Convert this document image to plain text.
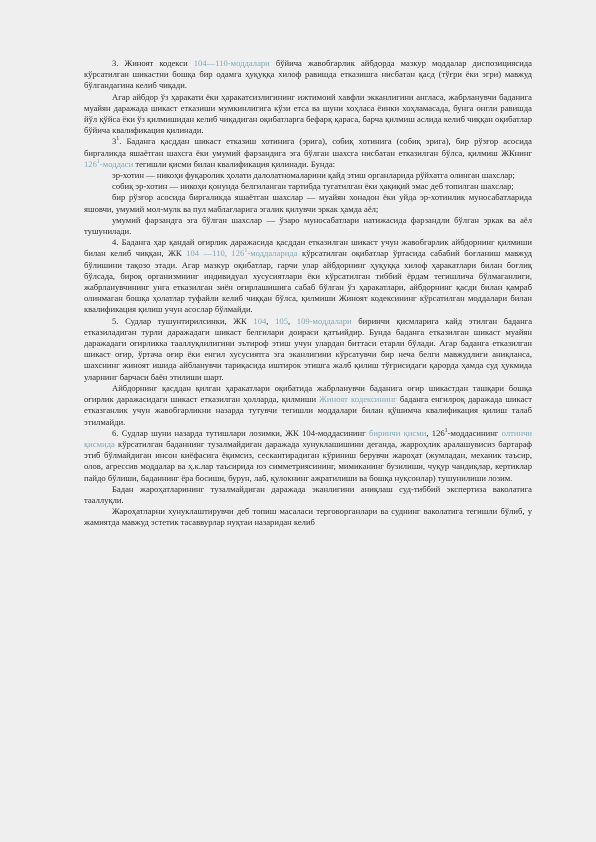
3. Жиноят кодекси 104—110-моддалари бўйича жавобгарлик айбдорда мазкур моддалар диспозициясида кўрсатилган шикастни бошқа бир одамга ҳуқуққа хилоф равишда етказишга нисбатан қасд (тўғри ёки эгри) мавжуд бўлгандагина келиб чиқади.

Агар айбдор ўз ҳаракати ёки ҳаракатсизлигининг ижтимоий хавфли экканлигини англаса, жабрланувчи баданига муайян даражада шикаст етказиши мумкинлигига кўзи етса ва шуни хоҳласа ёинки хоҳламасада, бунга онгли равишда йўл қўйса ёки ўз қилмишидан келиб чиқадиган оқибатларга бефарқ қараса, барча қилмиш аслида келиб чиққан оқибатлар бўйича квалификация қилинади.

$3^1$. Баданга қасддан шикаст етказиш хотинига (эрига), собиқ хотинига (собиқ эрига), бир рўзғор асосида биргаликда яшаётган шахсга ёки умумий фарзандига эга бўлган шахсга нисбатан етказилган бўлса, қилмиш ЖКнинг $126^1$-моддаси тегишли қисми билан квалификация қилинади. Бунда:

эр-хотин — никоҳи фуқаролик ҳолати далолатномаларини қайд этиш органларида рўйхатга олинган шахслар;

собиқ эр-хотин — никоҳи қонунда белгиланган тартибда тугатилган ёки ҳақиқий эмас деб топилган шахслар;

бир рўзғор асосида биргаликда яшаётган шахслар — муайян хонадон ёки уйда эр-хотинлик муносабатларида яшовчи, умумий мол-мулк ва пул маблағларига эгалик қилувчи эркак ҳамда аёл;

умумий фарзандга эга бўлган шахслар — ўзаро муносабатлари натижасида фарзандли бўлган эркак ва аёл тушунилади.

4. Баданга ҳар қандай оғирлик даражасида қасддан етказилган шикаст учун жавобгарлик айбдорнинг қилмиши билан келиб чиққан, ЖК 104 —110, $126^1$-моддаларида кўрсатилган оқибатлар ўртасида сабабий боғланиш мавжуд бўлишини тақозо этади. Агар мазкур оқибатлар, гарчи улар айбдорнинг ҳуқуққа хилоф ҳаракатлари билан боғлиқ бўлсада, бироқ организмнинг индивидуал хусусиятлари ёки кўрсатилган тиббий ёрдам тегишлича бўлмаганлиги, жабрланувчининг унга етказилган зиён оғирлашишига сабаб бўлган ўз ҳаракатлари, айбдорнинг қасди билан қамраб олинмаган бошқа ҳолатлар туфайли келиб чиққан бўлса, қилмиши Жиноят кодексининг кўрсатилган моддалари билан квалификация қилиш учун асослар бўлмайди.

5. Судлар тушунтирилсинки, ЖК 104, 105, 109-моддалари биринчи қисмларига кайд этилган баданга етказиладиган турли даражадаги шикаст белгилари доираси қатъийдир. Бунда баданга етказилган шикаст муайян даражадаги оғирликка тааллуқлилигини эътироф этиш учун улардан биттаси етарли бўлади. Агар баданга етказилган шикаст оғир, ўртача оғир ёки енгил хусусиятга эга эканлигини кўрсатувчи бир неча белги мавжудлиги аниқланса, шахснинг жиноят ишида айбланувчи тариқасида иштирок этишга жалб қилиш тўғрисидаги қарорда ҳамда суд ҳукмида уларнинг барчаси баён этилиши шарт.

Айбдорнинг қасддан қилган ҳаракатлари оқибатида жабрланувчи баданига оғир шикастдан ташқари бошқа оғирлик даражасидаги шикаст етказилган ҳолларда, қилмиши Жиноят кодексининг баданга енгилроқ даражада шикаст етказганлик учун жавобгарликни назарда тутувчи тегишли моддалари билан қўшимча квалификация қилиш талаб этилмайди.

6. Судлар шуни назарда тутишлари лозимки, ЖК 104-моддасининг биринчи қисми, $126^1$-моддасининг олтинчи қисмида кўрсатилган баданнинг тузалмайдиган даражада хунуклашишини деганда, жарроҳлик аралашувисиз бартараф этиб бўлмайдиган инсон киёфасига ёқимсиз, сескантирадиган кўриниш берувчи жароҳат (жумладан, механик таъсир, олов, агрессив моддалар ва ҳ.к.лар таъсирида юз симметриясининг, мимиканинг бузилиши, чуқур чандиқлар, кертиклар пайдо бўлиши, баданнинг ёра босиши, бурун, лаб, қулокнинг ажратилиши ва бошқа нуқсонлар) тушунилиши лозим.

Бадан жароҳатларининг тузалмайдиган даражада эканлигини аниқлаш суд-тиббий экспертиза ваколатига тааллуқли.

Жароҳатларни хунуклаштирувчи деб топиш масаласи терговорганлари ва суднинг ваколатига тегишли бўлиб, у жамиятда мавжуд эстетик тасаввурлар нуқтаи назаридан келиб
